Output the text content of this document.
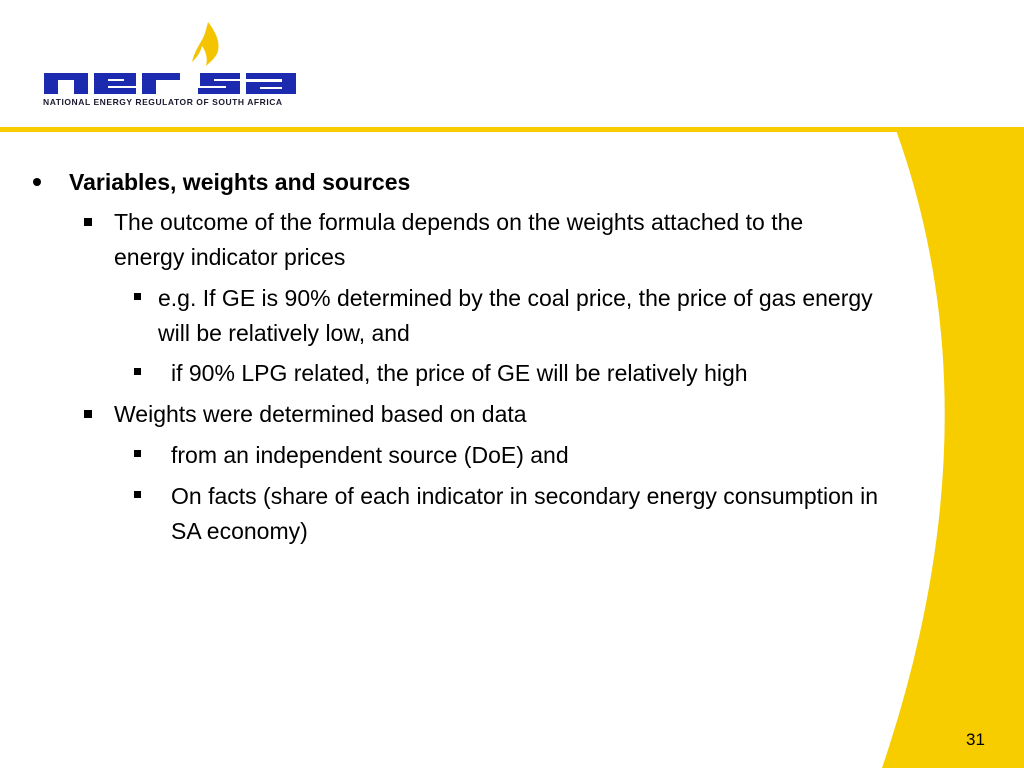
NATIONAL ENERGY REGULATOR OF SOUTH AFRICA
Variables, weights and sources
The outcome of the formula depends on the weights attached to the
energy indicator prices
e.g. If GE is 90% determined by the coal price, the price of gas energy
will be relatively low, and
if 90% LPG related, the price of GE will be relatively high
Weights were determined based on data
from an independent source (DoE) and
On facts (share of each indicator in secondary energy consumption in
SA economy)
31
